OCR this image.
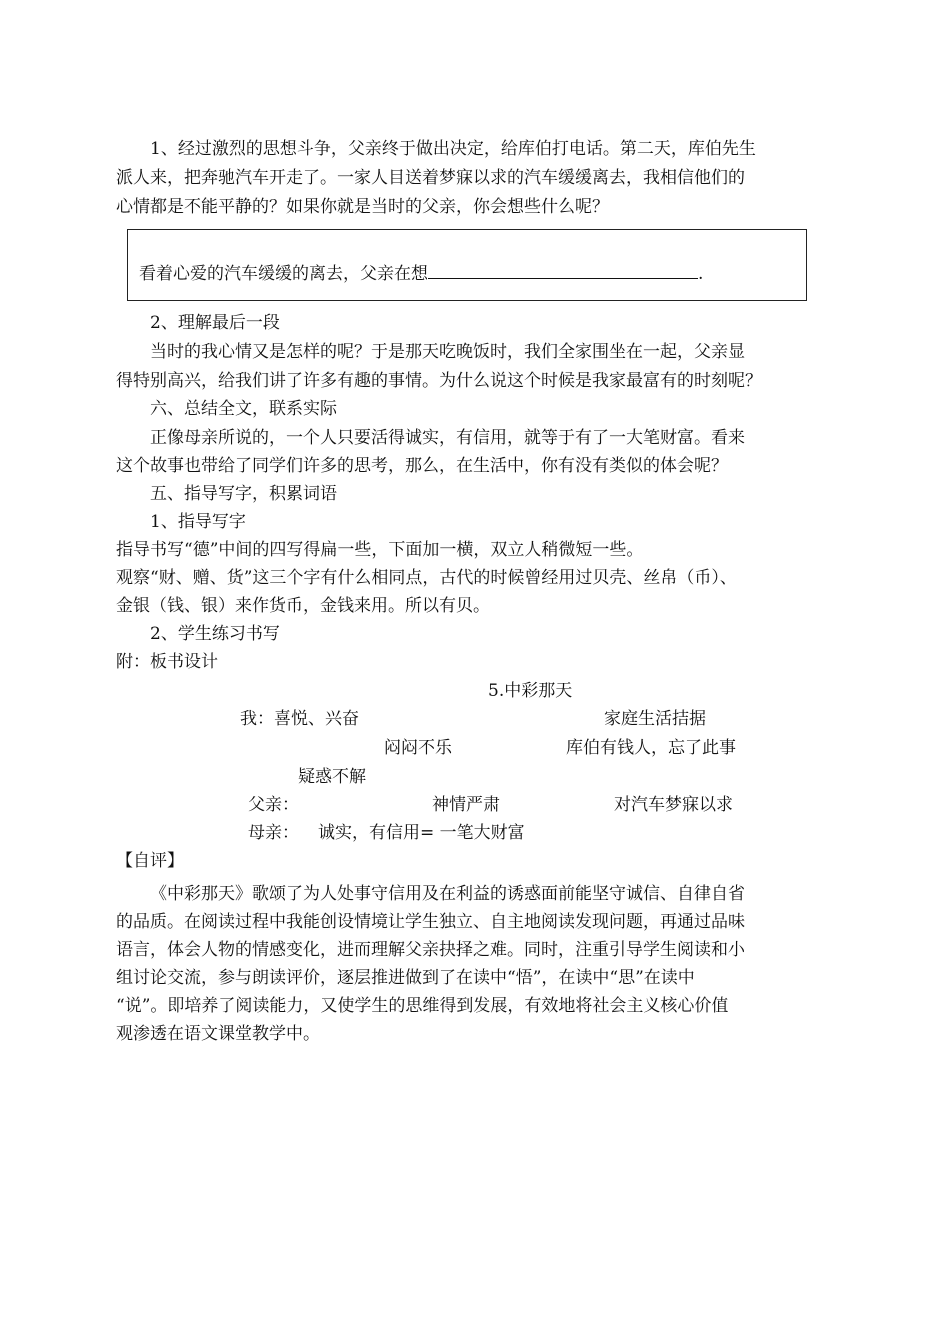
1、经过激烈的思想斗争，父亲终于做出决定，给库伯打电话。第二天，库伯先生
派人来，把奔驰汽车开走了。一家人目送着梦寐以求的汽车缓缓离去，我相信他们的
心情都是不能平静的？如果你就是当时的父亲，你会想些什么呢？
看着心爱的汽车缓缓的离去，父亲在想	.
2、理解最后一段
当时的我心情又是怎样的呢？于是那天吃晚饭时，我们全家围坐在一起，父亲显
得特别高兴，给我们讲了许多有趣的事情。为什么说这个时候是我家最富有的时刻呢？
六、总结全文，联系实际
正像母亲所说的，一个人只要活得诚实，有信用，就等于有了一大笔财富。看来
这个故事也带给了同学们许多的思考，那么，在生活中，你有没有类似的体会呢？
五、指导写字，积累词语
1、指导写字
指导书写“德”中间的四写得扁一些，下面加一横，双立人稍微短一些。
观察“财、赠、货”这三个字有什么相同点，古代的时候曾经用过贝壳、丝帛（币）、
金银（钱、银）来作货币，金钱来用。所以有贝。
2、学生练习书写
附：板书设计
5.中彩那天
我：喜悦、兴奋	家庭生活拮据
闷闷不乐	库伯有钱人，忘了此事
疑惑不解
父亲：	神情严肃	对汽车梦寐以求
母亲： 诚实，有信用= 一笔大财富
【自评】
《中彩那天》歌颂了为人处事守信用及在利益的诱惑面前能坚守诚信、自律自省
的品质。在阅读过程中我能创设情境让学生独立、自主地阅读发现问题，再通过品味
语言，体会人物的情感变化，进而理解父亲抉择之难。同时，注重引导学生阅读和小
组讨论交流，参与朗读评价，逐层推进做到了在读中“悟”，在读中“思”在读中
“说”。即培养了阅读能力，又使学生的思维得到发展，有效地将社会主义核心价值
观渗透在语文课堂教学中。
